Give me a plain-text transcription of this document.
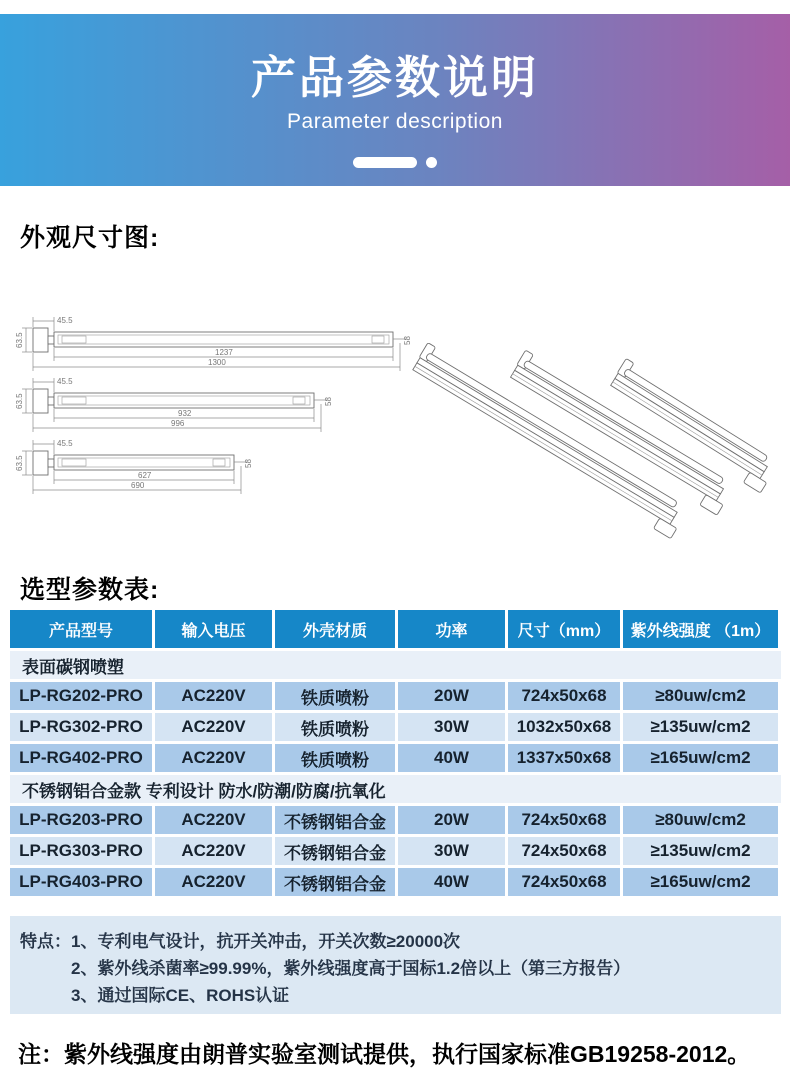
产品参数说明
Parameter description
外观尺寸图:
45.5
63.5
1237
1300
58
45.5
63.5
932
996
58
45.5
63.5
627
690
58
选型参数表:
产品型号	输入电压	外壳材质	功率	尺寸（mm）	紫外线强度 （1m）
表面碳钢喷塑
LP-RG202-PRO	AC220V	铁质喷粉	20W	724x50x68	≥80uw/cm2
LP-RG302-PRO	AC220V	铁质喷粉	30W	1032x50x68	≥135uw/cm2
LP-RG402-PRO	AC220V	铁质喷粉	40W	1337x50x68	≥165uw/cm2
不锈钢铝合金款 专利设计 防水/防潮/防腐/抗氧化
LP-RG203-PRO	AC220V	不锈钢铝合金	20W	724x50x68	≥80uw/cm2
LP-RG303-PRO	AC220V	不锈钢铝合金	30W	724x50x68	≥135uw/cm2
LP-RG403-PRO	AC220V	不锈钢铝合金	40W	724x50x68	≥165uw/cm2
特点： 1、专利电气设计，抗开关冲击，开关次数≥20000次
2、紫外线杀菌率≥99.99%，紫外线强度高于国标1.2倍以上（第三方报告）
3、通过国际CE、ROHS认证
注：紫外线强度由朗普实验室测试提供，执行国家标准GB19258-2012。
